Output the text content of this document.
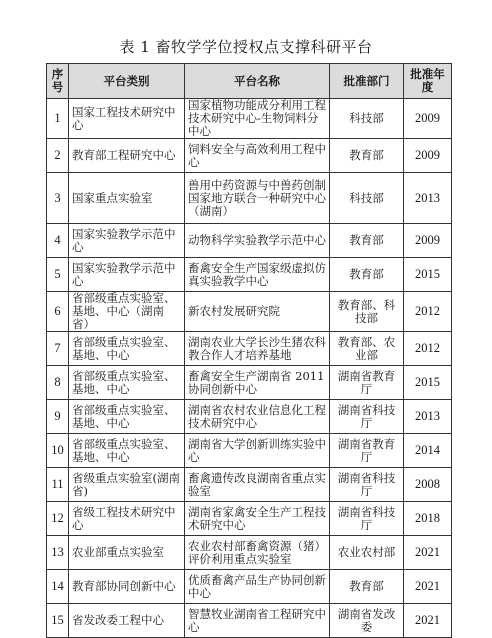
表 1 畜牧学学位授权点支撑科研平台
序号	平台类别	平台名称	批准部门	批准年度
1	国家工程技术研究中心	国家植物功能成分利用工程技术研究中心-生物饲料分中心	科技部	2009
2	教育部工程研究中心	饲料安全与高效利用工程中心	教育部	2009
3	国家重点实验室	兽用中药资源与中兽药创制国家地方联合一种研究中心（湖南）	科技部	2013
4	国家实验教学示范中心	动物科学实验教学示范中心	教育部	2009
5	国家实验教学示范中心	畜禽安全生产国家级虚拟仿真实验教学中心	教育部	2015
6	省部级重点实验室、基地、中心（湖南省）	新农村发展研究院	教育部、科技部	2012
7	省部级重点实验室、基地、中心	湖南农业大学长沙生猪农科教合作人才培养基地	教育部、农业部	2012
8	省部级重点实验室、基地、中心	畜禽安全生产湖南省 2011 协同创新中心	湖南省教育厅	2015
9	省部级重点实验室、基地、中心	湖南省农村农业信息化工程技术研究中心	湖南省科技厅	2013
10	省部级重点实验室、基地、中心	湖南省大学创新训练实验中心	湖南省教育厅	2014
11	省级重点实验室(湖南省)	畜禽遗传改良湖南省重点实验室	湖南省科技厅	2008
12	省级工程技术研究中心	湖南省家禽安全生产工程技术研究中心	湖南省科技厅	2018
13	农业部重点实验室	农业农村部畜禽资源（猪）评价利用重点实验室	农业农村部	2021
14	教育部协同创新中心	优质畜禽产品生产协同创新中心	教育部	2021
15	省发改委工程中心	智慧牧业湖南省工程研究中心	湖南省发改委	2021
